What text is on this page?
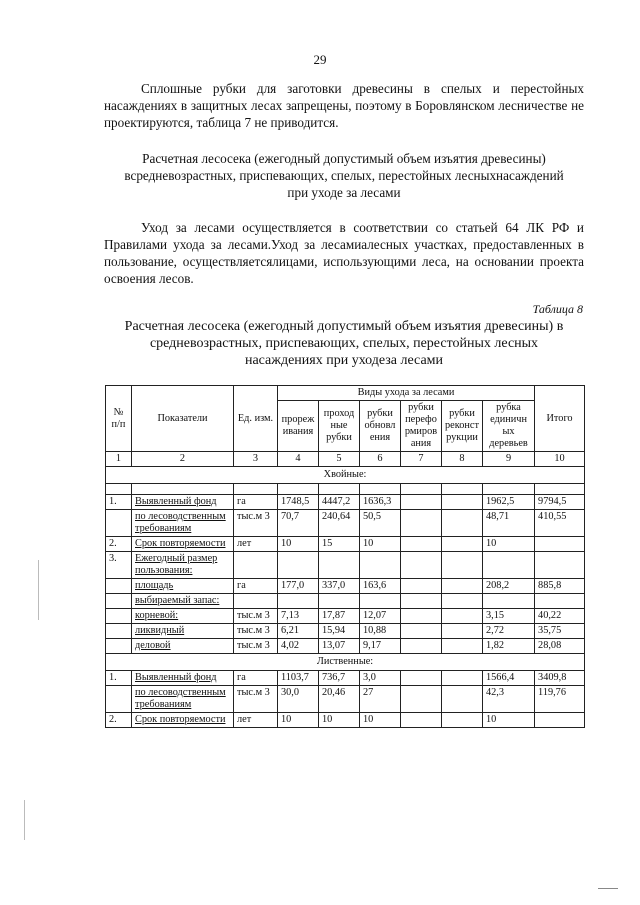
29
Сплошные рубки для заготовки древесины в спелых и перестойных насаждениях в защитных лесах запрещены, поэтому в Боровлянском лесничестве не проектируются, таблица 7 не приводится.
Расчетная лесосека (ежегодный допустимый объем изъятия древесины)
всредневозрастных, приспевающих, спелых, перестойных лесныхнасаждений
при уходе за лесами
Уход за лесами осуществляется в соответствии со статьей 64 ЛК РФ и Правилами ухода за лесами.Уход за лесамиалесных участках, предоставленных в пользование, осуществляетсялицами, использующими леса, на основании проекта освоения лесов.
Таблица 8
Расчетная лесосека (ежегодный допустимый объем изъятия древесины) в
средневозрастных, приспевающих, спелых, перестойных лесных
насаждениях при уходеза лесами
№ п/п	Показатели	Ед. изм.	Виды ухода за лесами						Итого
			прореж ивания	проход ные рубки	рубки обновл ения	рубки перефо рмиров ания	рубки реконст рукции	рубка единичн ых деревьев	
1	2	3	4	5	6	7	8	9	10
Хвойные:									

1.	Выявленный фонд	га	1748,5	4447,2	1636,3			1962,5	9794,5
	по лесоводственным требованиям	тыс.м 3	70,7	240,64	50,5			48,71	410,55
2.	Срок повторяемости	лет	10	15	10			10	
3.	Ежегодный размер пользования:								
	площадь	га	177,0	337,0	163,6			208,2	885,8
	выбираемый запас:								
	корневой:	тыс.м 3	7,13	17,87	12,07			3,15	40,22
	ликвидный	тыс.м 3	6,21	15,94	10,88			2,72	35,75
	деловой	тыс.м 3	4,02	13,07	9,17			1,82	28,08
Лиственные:									
1.	Выявленный фонд	га	1103,7	736,7	3,0			1566,4	3409,8
	по лесоводственным требованиям	тыс.м 3	30,0	20,46	27			42,3	119,76
2.	Срок повторяемости	лет	10	10	10			10	
